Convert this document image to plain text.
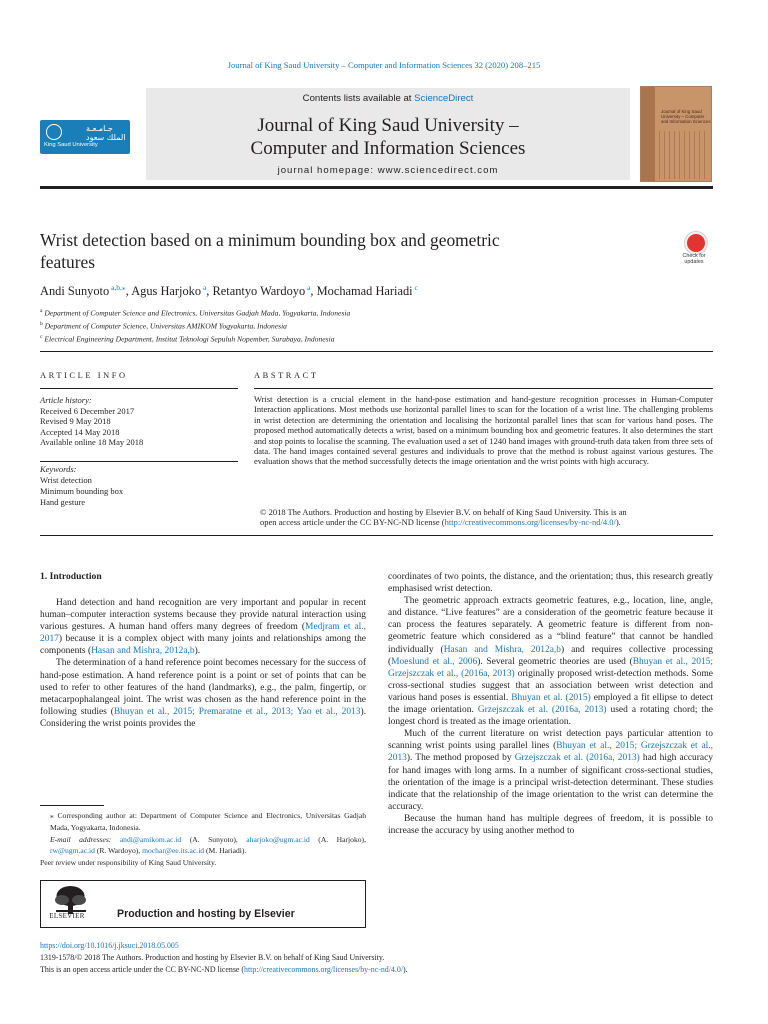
Journal of King Saud University – Computer and Information Sciences 32 (2020) 208–215
جـامـعـة الملك سعود
King Saud University
Contents lists available at ScienceDirect
Journal of King Saud University –
Computer and Information Sciences
journal homepage: www.sciencedirect.com
Journal of King Saud University – Computer and Information Sciences
Wrist detection based on a minimum bounding box and geometric
features	Check for
updates
Andi Sunyoto $^{a,b,⁎}$, Agus Harjoko $^a$, Retantyo Wardoyo $^a$, Mochamad Hariadi $^c$
$^a$ Department of Computer Science and Electronics, Universitas Gadjah Mada, Yogyakarta, Indonesia
$^b$ Department of Computer Science, Universitas AMIKOM Yogyakarta, Indonesia
$^c$ Electrical Engineering Department, Institut Teknologi Sepuluh Nopember, Surabaya, Indonesia
ARTICLE INFO
Article history:
Received 6 December 2017
Revised 9 May 2018
Accepted 14 May 2018
Available online 18 May 2018
Keywords:
Wrist detection
Minimum bounding box
Hand gesture
ABSTRACT
Wrist detection is a crucial element in the hand-pose estimation and hand-gesture recognition processes in Human-Computer Interaction applications. Most methods use horizontal parallel lines to scan for the location of a wrist line. The challenging problems in wrist detection are determining the orientation and localising the horizontal parallel lines that scan for various hand poses. The proposed method automatically detects a wrist, based on a minimum bounding box and geometric features. It also determines the start and stop points to localise the scanning. The evaluation used a set of 1240 hand images with ground-truth data taken from three sets of data. The hand images contained several gestures and individuals to prove that the method is robust against various gestures. The evaluation shows that the method successfully detects the image orientation and the wrist points with high accuracy.
© 2018 The Authors. Production and hosting by Elsevier B.V. on behalf of King Saud University. This is an
open access article under the CC BY-NC-ND license (http://creativecommons.org/licenses/by-nc-nd/4.0/).
1. Introduction

Hand detection and hand recognition are very important and popular in recent human–computer interaction systems because they provide natural interaction using various gestures. A human hand offers many degrees of freedom (Medjram et al., 2017) because it is a complex object with many joints and relationships among the components (Hasan and Mishra, 2012a,b).

The determination of a hand reference point becomes necessary for the success of hand-pose estimation. A hand reference point is a point or set of points that can be used to refer to other features of the hand (landmarks), e.g., the palm, fingertip, or metacarpophalangeal joint. The wrist was chosen as the hand reference point in the following studies (Bhuyan et al., 2015; Premaratne et al., 2013; Yao et al., 2013). Considering the wrist points provides the

coordinates of two points, the distance, and the orientation; thus, this research greatly emphasised wrist detection.

The geometric approach extracts geometric features, e.g., location, line, angle, and distance. “Live features” are a consideration of the geometric feature because it can process the features separately. A geometric feature is different from non-geometric feature which considered as a “blind feature” that cannot be handled individually (Hasan and Mishra, 2012a,b) and requires collective processing (Moeslund et al., 2006). Several geometric theories are used (Bhuyan et al., 2015; Grzejszczak et al., (2016a, 2013) originally proposed wrist-detection methods. Some cross-sectional studies suggest that an association between wrist detection and various hand poses is essential. Bhuyan et al. (2015) employed a fit ellipse to detect the image orientation. Grzejszczak et al. (2016a, 2013) used a rotating chord; the longest chord is treated as the image orientation.

Much of the current literature on wrist detection pays particular attention to scanning wrist points using parallel lines (Bhuyan et al., 2015; Grzejszczak et al., 2013). The method proposed by Grzejszczak et al. (2016a, 2013) had high accuracy for hand images with long arms. In a number of significant cross-sectional studies, the orientation of the image is a principal wrist-detection determinant. These studies indicate that the relationship of the image orientation to the wrist can determine the accuracy.

Because the human hand has multiple degrees of freedom, it is possible to increase the accuracy by using another method to

⁎ Corresponding author at: Department of Computer Science and Electronics, Universitas Gadjah Mada, Yogyakarta, Indonesia.
E-mail addresses: andi@amikom.ac.id (A. Sunyoto), aharjoko@ugm.ac.id (A. Harjoko), rw@ugm.ac.id (R. Wardoyo), mochar@ee.its.ac.id (M. Hariadi).
Peer review under responsibility of King Saud University.
ELSEVIER	Production and hosting by Elsevier
https://doi.org/10.1016/j.jksuci.2018.05.005
1319-1578/© 2018 The Authors. Production and hosting by Elsevier B.V. on behalf of King Saud University.
This is an open access article under the CC BY-NC-ND license (http://creativecommons.org/licenses/by-nc-nd/4.0/).
